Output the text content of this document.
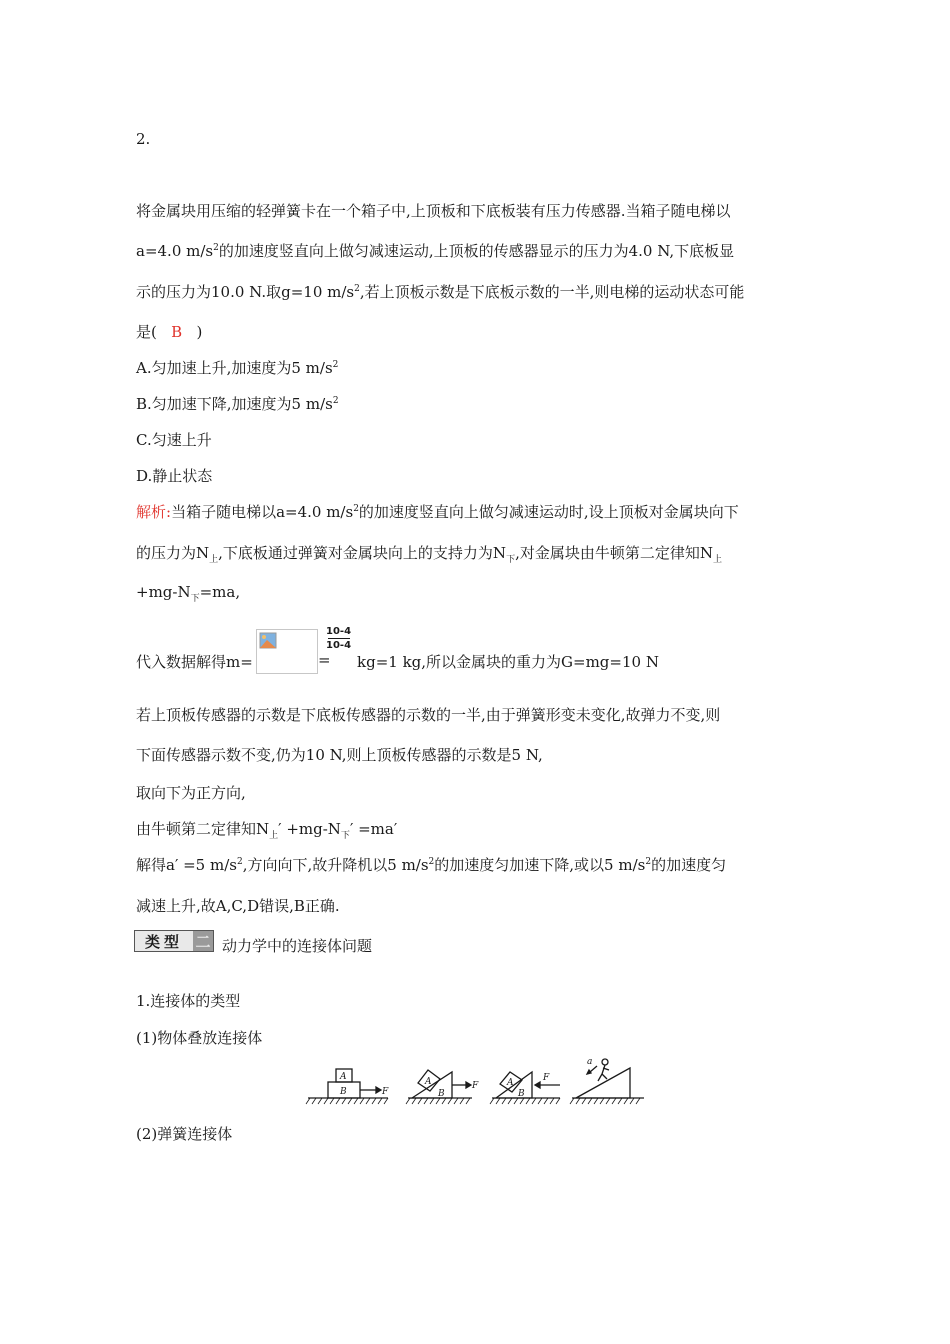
2.
将金属块用压缩的轻弹簧卡在一个箱子中,上顶板和下底板装有压力传感器.当箱子随电梯以
a=4.0 $m/s^2$的加速度竖直向上做匀减速运动,上顶板的传感器显示的压力为4.0 N,下底板显
示的压力为10.0 N.取g=10 $m/s^2$,若上顶板示数是下底板示数的一半,则电梯的运动状态可能
是( B )
A.匀加速上升,加速度为5 $m/s^2$
B.匀加速下降,加速度为5 $m/s^2$
C.匀速上升
D.静止状态
解析:当箱子随电梯以a=4.0 $m/s^2$的加速度竖直向上做匀减速运动时,设上顶板对金属块向下
的压力为$N_上$,下底板通过弹簧对金属块向上的支持力为$N_下$,对金属块由牛顿第二定律知$N_上$
$+mg-N_下=ma$,
代入数据解得m=	=
10-4
10-4
kg=1 kg,所以金属块的重力为G=mg=10 N
若上顶板传感器的示数是下底板传感器的示数的一半,由于弹簧形变未变化,故弹力不变,则
下面传感器示数不变,仍为10 N,则上顶板传感器的示数是5 N,
取向下为正方向,
由牛顿第二定律知$N_上' +mg-N_下' =ma'$
解得a′ =5 $m/s^2$,方向向下,故升降机以5 $m/s^2$的加速度匀加速下降,或以5 $m/s^2$的加速度匀
减速上升,故A,C,D错误,B正确.
类型 二 动力学中的连接体问题
1.连接体的类型
(1)物体叠放连接体
A
B	F
A
B
F	A
B
F
a
(2)弹簧连接体
